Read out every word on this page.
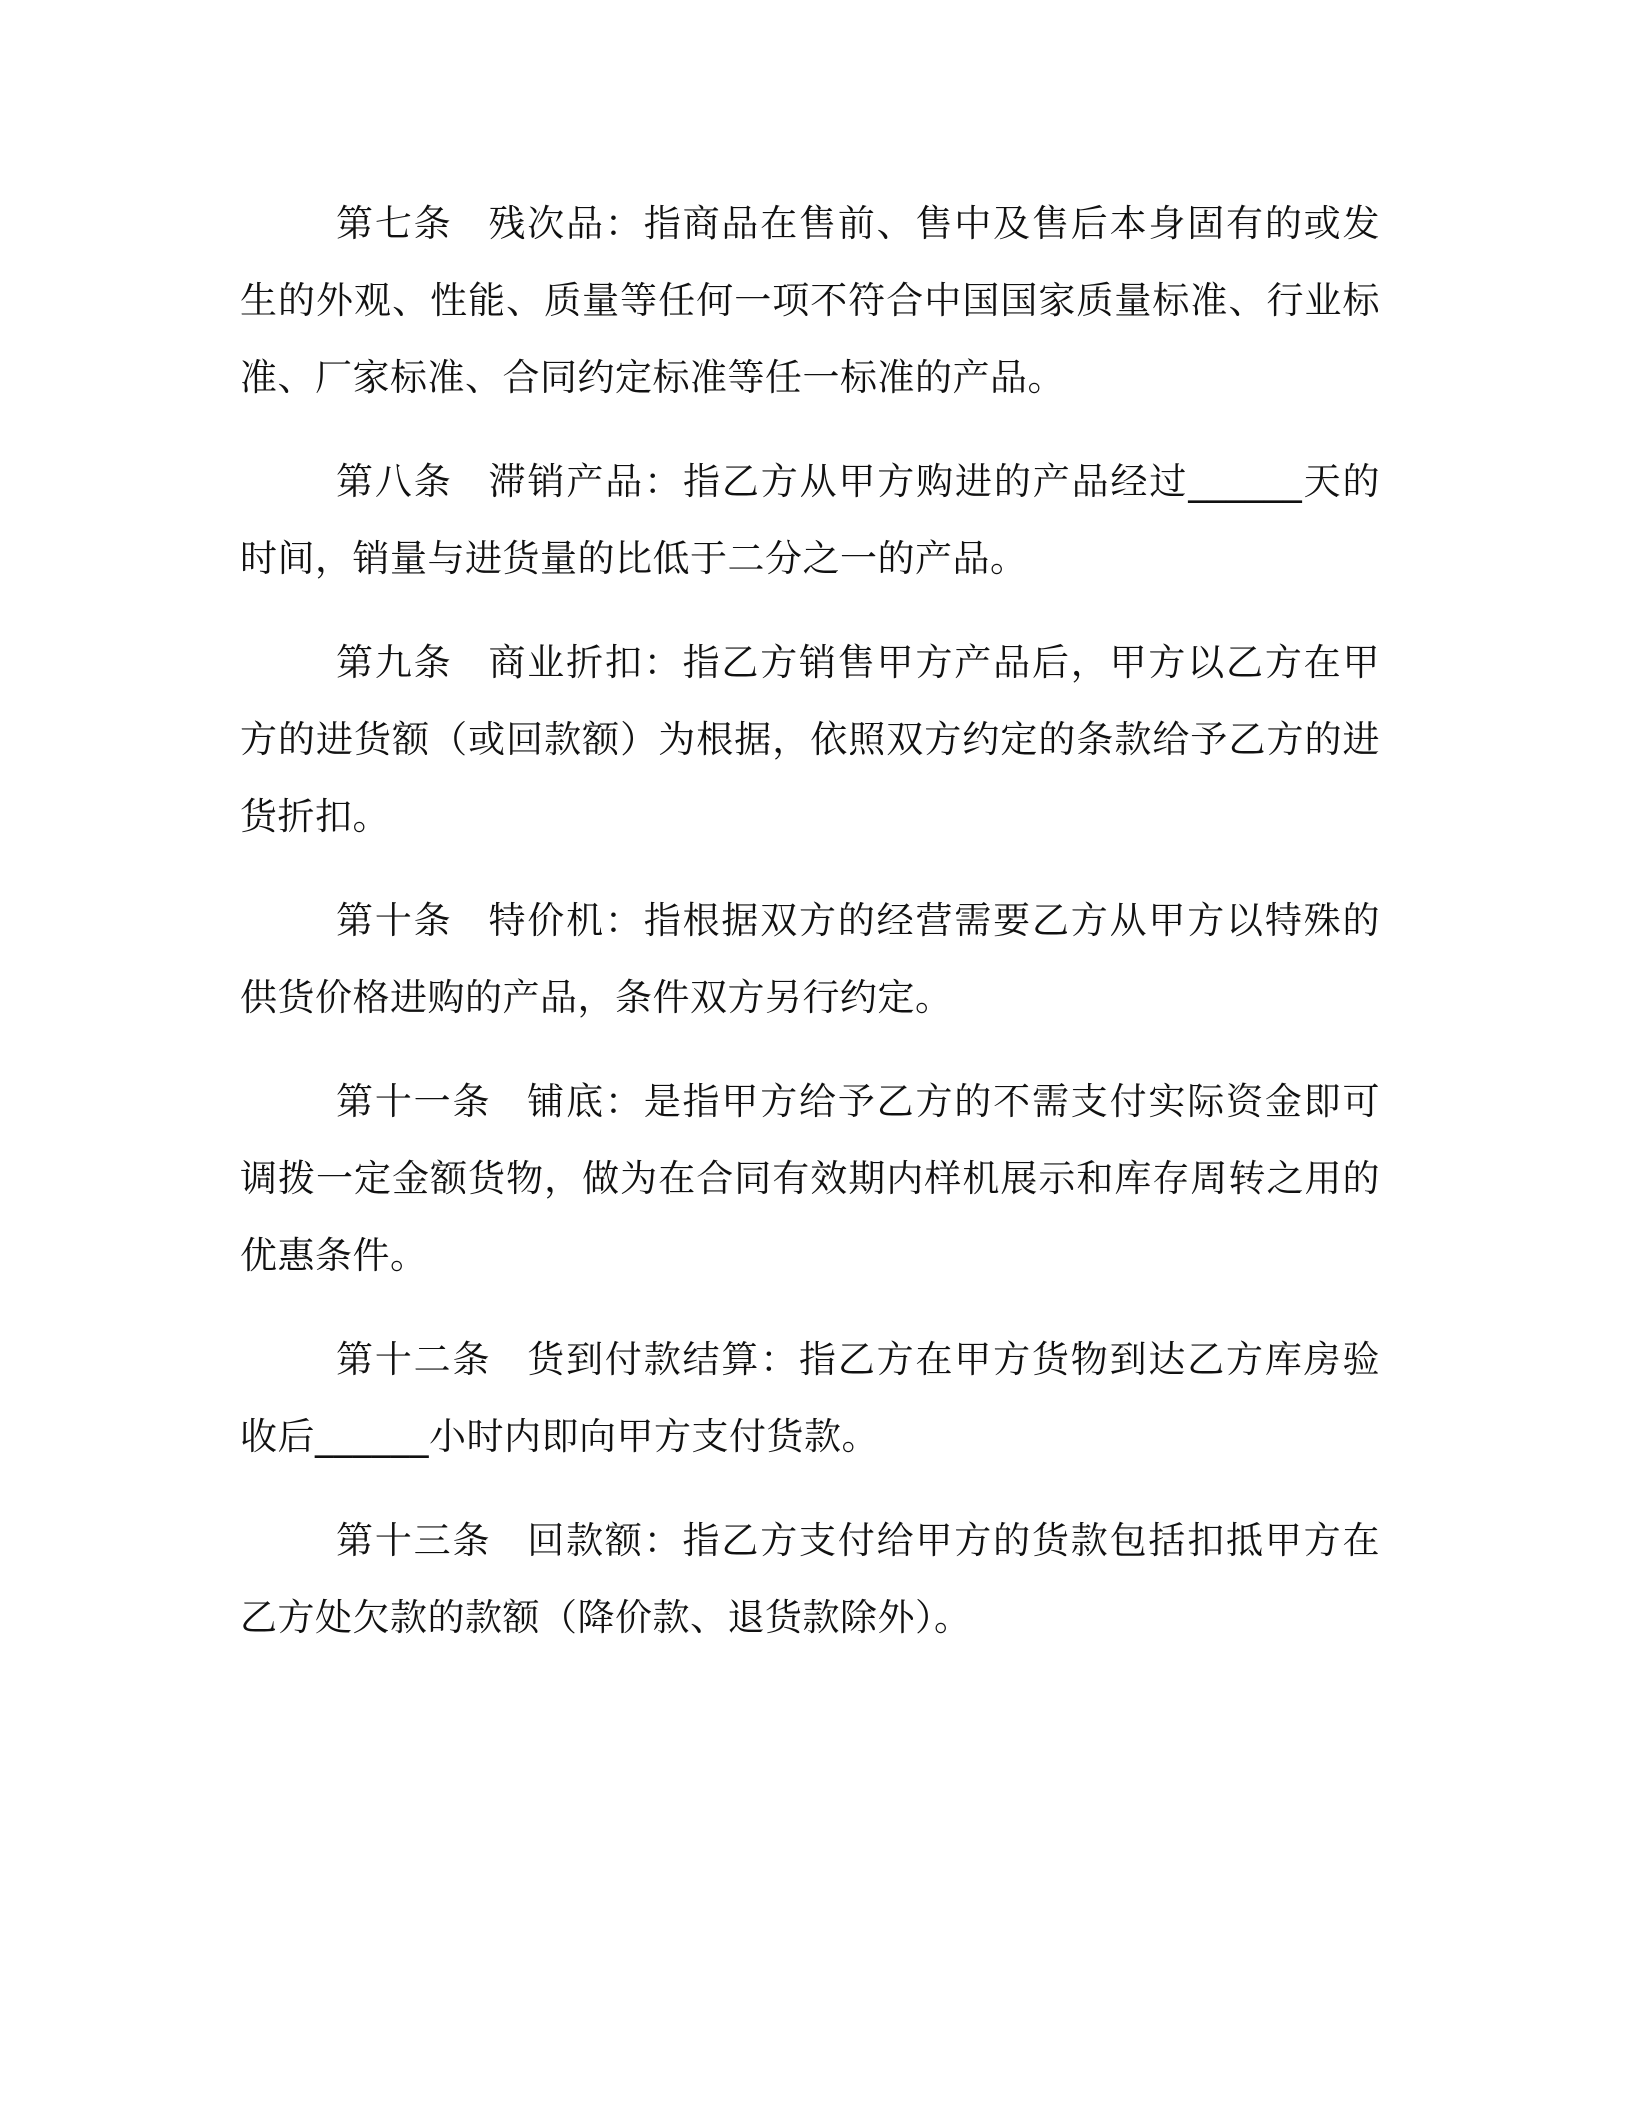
第七条 残次品：指商品在售前、售中及售后本身固有的或发生的外观、性能、质量等任何一项不符合中国国家质量标准、行业标准、厂家标准、合同约定标准等任一标准的产品。

第八条 滞销产品：指乙方从甲方购进的产品经过______天的时间，销量与进货量的比低于二分之一的产品。

第九条 商业折扣：指乙方销售甲方产品后，甲方以乙方在甲方的进货额（或回款额）为根据，依照双方约定的条款给予乙方的进货折扣。

第十条 特价机：指根据双方的经营需要乙方从甲方以特殊的供货价格进购的产品，条件双方另行约定。

第十一条 铺底：是指甲方给予乙方的不需支付实际资金即可调拨一定金额货物，做为在合同有效期内样机展示和库存周转之用的优惠条件。

第十二条 货到付款结算：指乙方在甲方货物到达乙方库房验收后______小时内即向甲方支付货款。

第十三条 回款额：指乙方支付给甲方的货款包括扣抵甲方在乙方处欠款的款额（降价款、退货款除外）。
